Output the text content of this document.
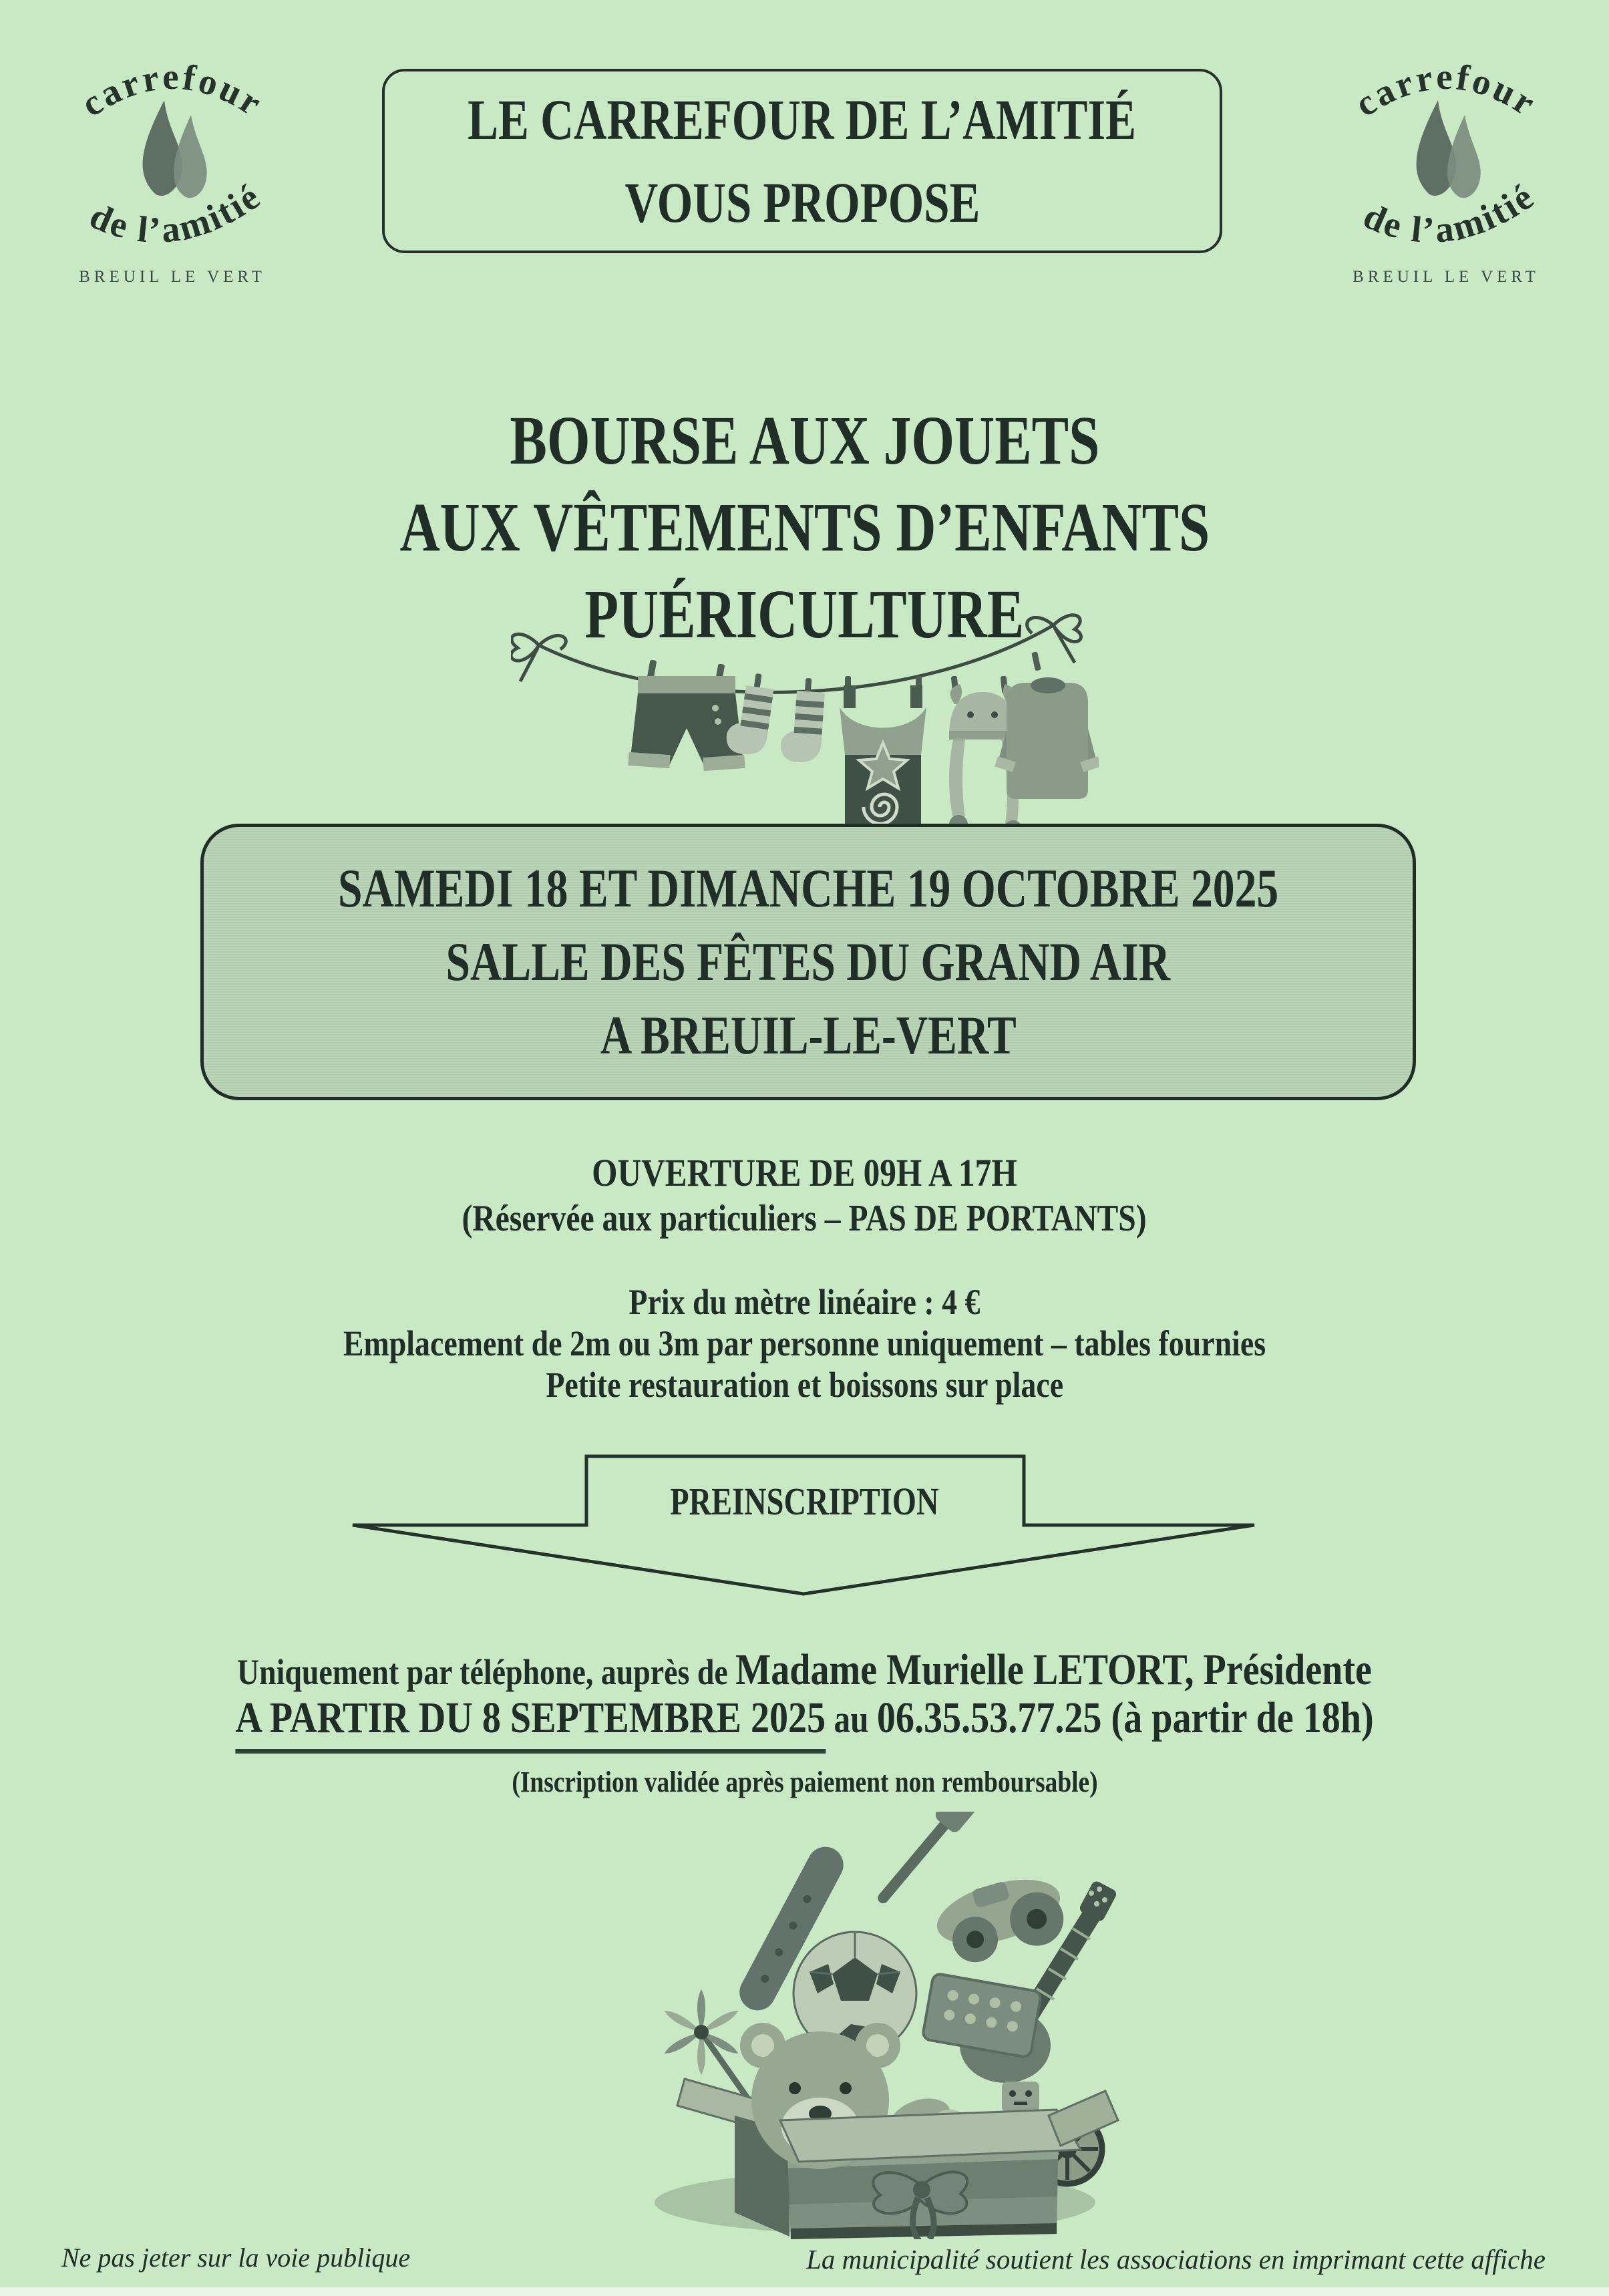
carrefour
de l’amitié
BREUIL LE VERT
carrefour
de l’amitié
BREUIL LE VERT
LE CARREFOUR DE L’AMITIÉ
VOUS PROPOSE
BOURSE AUX JOUETS
AUX VÊTEMENTS D’ENFANTS
PUÉRICULTURE
SAMEDI 18 ET DIMANCHE 19 OCTOBRE 2025
SALLE DES FÊTES DU GRAND AIR
A BREUIL-LE-VERT
OUVERTURE DE 09H A 17H
(Réservée aux particuliers – PAS DE PORTANTS)
Prix du mètre linéaire : 4 €
Emplacement de 2m ou 3m par personne uniquement – tables fournies
Petite restauration et boissons sur place
PREINSCRIPTION
Uniquement par téléphone, auprès de Madame Murielle LETORT, Présidente
A PARTIR DU 8 SEPTEMBRE 2025 au 06.35.53.77.25 (à partir de 18h)
(Inscription validée après paiement non remboursable)
Ne pas jeter sur la voie publique	La municipalité soutient les associations en imprimant cette affiche
